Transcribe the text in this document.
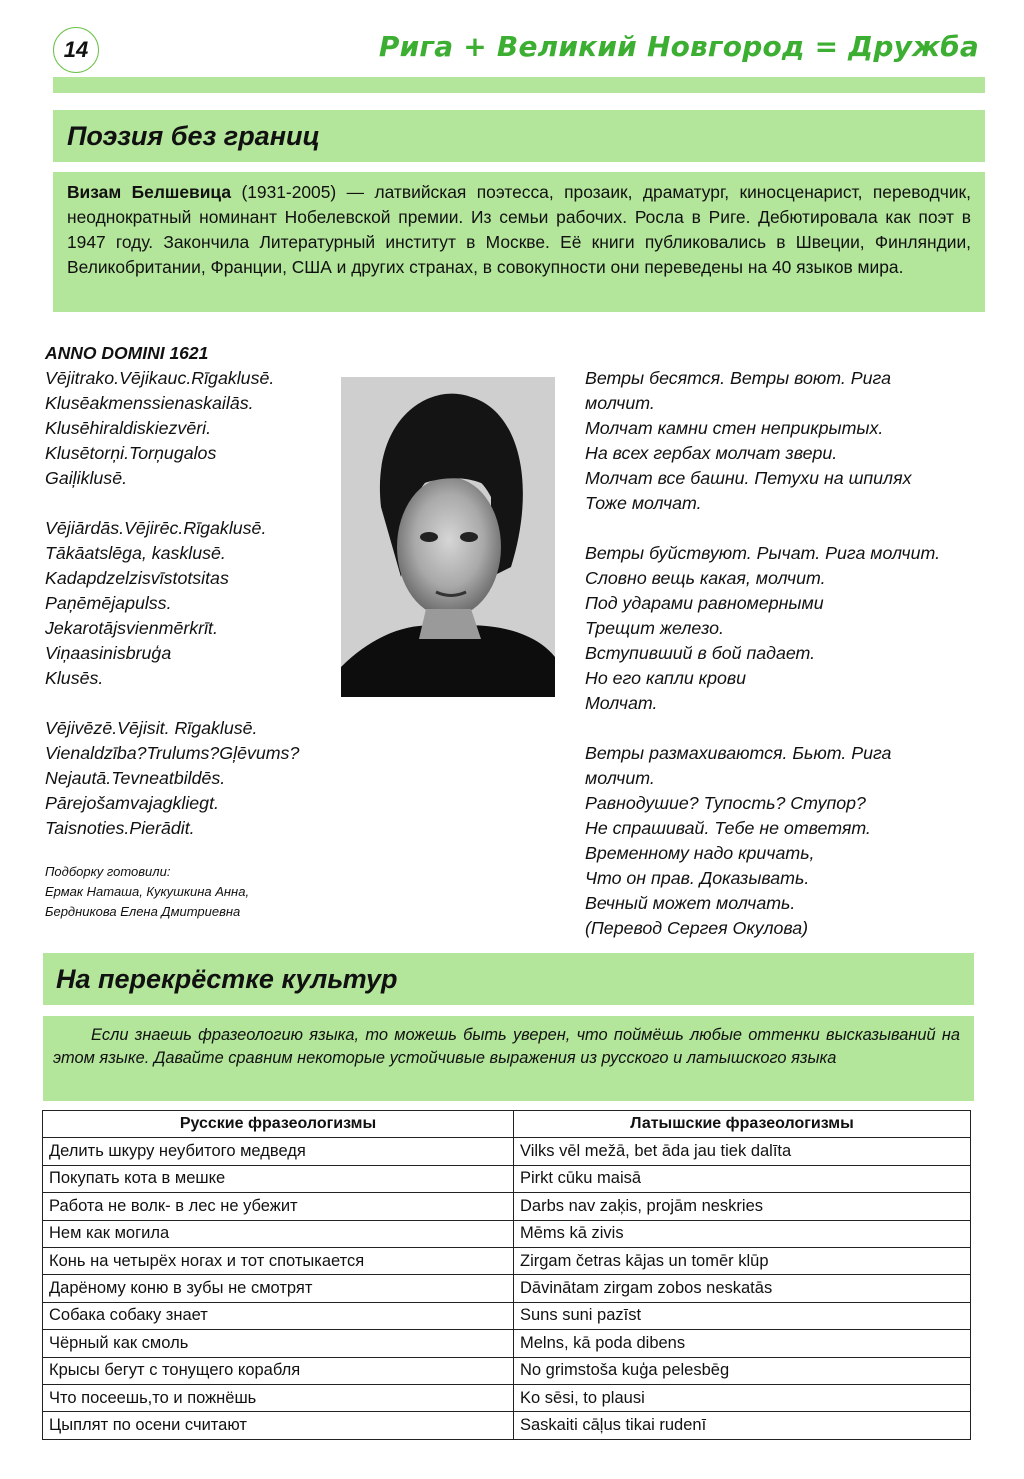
14	Рига + Великий Новгород = Дружба
Поэзия без границ
Визам Белшевица (1931-2005) — латвийская поэтесса, прозаик, драматург, киносценарист, переводчик, неоднократный номинант Нобелевской премии. Из семьи рабочих. Росла в Риге. Дебютировала как поэт в 1947 году. Закончила Литературный институт в Москве. Её книги публиковались в Швеции, Финляндии, Великобритании, Франции, США и других странах, в совокупности они переведены на 40 языков мира.
ANNO DOMINI 1621
Vējitrako.Vējikauc.Rīgaklusē.
Klusēakmenssienaskailās.
Klusēhiraldiskiezvēri.
Klusētorņi.Torņugalos
Gaiļiklusē.
Vējiārdās.Vējirēc.Rīgaklusē.
Tākāatslēga, kasklusē.
Kadapdzelzisvīstotsitas
Paņēmējapulss.
Jekarotājsvienmērkrīt.
Viņaasinisbruģa
Klusēs.
Vējivēzē.Vējisit. Rīgaklusē.
Vienaldzība?Trulums?Gļēvums?
Nejautā.Tevneatbildēs.
Pārejošamvajagkliegt.
Taisnoties.Pierādit.
Подборку готовили:
Ермак Наташа, Кукушкина Анна,
Бердникова Елена Дмитриевна
Ветры бесятся. Ветры воют. Рига
молчит.
Молчат камни стен неприкрытых.
На всех гербах молчат звери.
Молчат все башни. Петухи на шпилях
Тоже молчат.
Ветры буйствуют. Рычат. Рига молчит.
Словно вещь какая, молчит.
Под ударами равномерными
Трещит железо.
Вступивший в бой падает.
Но его капли крови
Молчат.
Ветры размахиваются. Бьют. Рига
молчит.
Равнодушие? Тупость? Ступор?
Не спрашивай. Тебе не ответят.
Временному надо кричать,
Что он прав. Доказывать.
Вечный может молчать.
(Перевод Сергея Окулова)
На перекрёстке культур

Если знаешь фразеологию языка, то можешь быть уверен, что поймёшь любые оттенки высказываний на этом языке. Давайте сравним некоторые устойчивые выражения из русского и латышского языка

Русские фразеологизмы	Латышские фразеологизмы
Делить шкуру неубитого медведя	Vilks vēl mežā, bet āda jau tiek dalīta
Покупать кота в мешке	Pirkt cūku maisā
Работа не волк- в лес не убежит	Darbs nav zaķis, projām neskries
Нем как могила	Mēms kā zivis
Конь на четырёх ногах и тот спотыкается	Zirgam četras kājas un tomēr klūp
Дарёному коню в зубы не смотрят	Dāvinātam zirgam zobos neskatās
Собака собаку знает	Suns suni pazīst
Чёрный как смоль	Melns, kā poda dibens
Крысы бегут с тонущего корабля	No grimstoša kuģa pelesbēg
Что посеешь,то и пожнёшь	Ko sēsi, to plausi
Цыплят по осени считают	Saskaiti cāļus tikai rudenī
